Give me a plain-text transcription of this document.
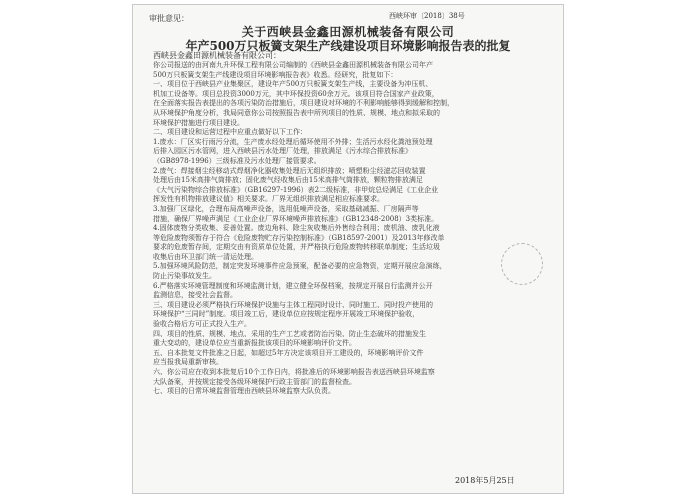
审批意见：	西峡环审〔2018〕38号
关于西峡县金鑫田源机械装备有限公司
年产500万只板簧支架生产线建设项目环境影响报告表的批复
西峡县金鑫田源机械装备有限公司：
你公司报送的由河南九升环保工程有限公司编制的《西峡县金鑫田源机械装备有限公司年产
500万只板簧支架生产线建设项目环境影响报告表》收悉。经研究，批复如下：
一、项目位于西峡县产业集聚区，建设年产500万只板簧支架生产线，主要设备为冲压机、
机加工设备等。项目总投资3000万元，其中环保投资60余万元。该项目符合国家产业政策，
在全面落实报告表提出的各项污染防治措施后，项目建设对环境的不利影响能够得到缓解和控制，
从环境保护角度分析，我局同意你公司按照报告表中所列项目的性质、规模、地点和拟采取的
环境保护措施进行项目建设。
二、项目建设和运营过程中应重点做好以下工作：
1.废水：厂区实行雨污分流，生产废水经处理后循环使用不外排；生活污水经化粪池预处理
后排入园区污水管网，进入西峡县污水处理厂处理，排放满足《污水综合排放标准》
（GB8978-1996）三级标准及污水处理厂接管要求。
2.废气：焊接烟尘经移动式焊烟净化器收集处理后无组织排放；喷塑粉尘经滤芯回收装置
处理后由15米高排气筒排放；固化废气经收集后由15米高排气筒排放，颗粒物排放满足
《大气污染物综合排放标准》（GB16297-1996）表2二级标准，非甲烷总烃满足《工业企业
挥发性有机物排放建议值》相关要求。厂界无组织排放满足相应标准要求。
3.加强厂区绿化，合理布局高噪声设备，选用低噪声设备，采取基础减振、厂房隔声等
措施，确保厂界噪声满足《工业企业厂界环境噪声排放标准》（GB12348-2008）3类标准。
4.固体废物分类收集、妥善处置。废边角料、除尘灰收集后外售综合利用；废机油、废乳化液
等危险废物须暂存于符合《危险废物贮存污染控制标准》（GB18597-2001）及2013年修改单
要求的危废暂存间，定期交由有资质单位处置，并严格执行危险废物转移联单制度；生活垃圾
收集后由环卫部门统一清运处理。
5.加强环境风险防范，制定突发环境事件应急预案，配备必要的应急物资，定期开展应急演练，
防止污染事故发生。
6.严格落实环境管理制度和环境监测计划，建立健全环保档案，按规定开展自行监测并公开
监测信息，接受社会监督。
三、项目建设必须严格执行环境保护设施与主体工程同时设计、同时施工、同时投产使用的
环境保护“三同时”制度。项目竣工后，建设单位应按规定程序开展竣工环境保护验收，
验收合格后方可正式投入生产。
四、项目的性质、规模、地点、采用的生产工艺或者防治污染、防止生态破坏的措施发生
重大变动的，建设单位应当重新报批该项目的环境影响评价文件。
五、自本批复文件批准之日起，如超过5年方决定该项目开工建设的，环境影响评价文件
应当报我局重新审核。
六、你公司应在收到本批复后10个工作日内，将批准后的环境影响报告表送西峡县环境监察
大队备案，并按规定接受各级环境保护行政主管部门的监督检查。
七、项目的日常环境监督管理由西峡县环境监察大队负责。
2018年5月25日
